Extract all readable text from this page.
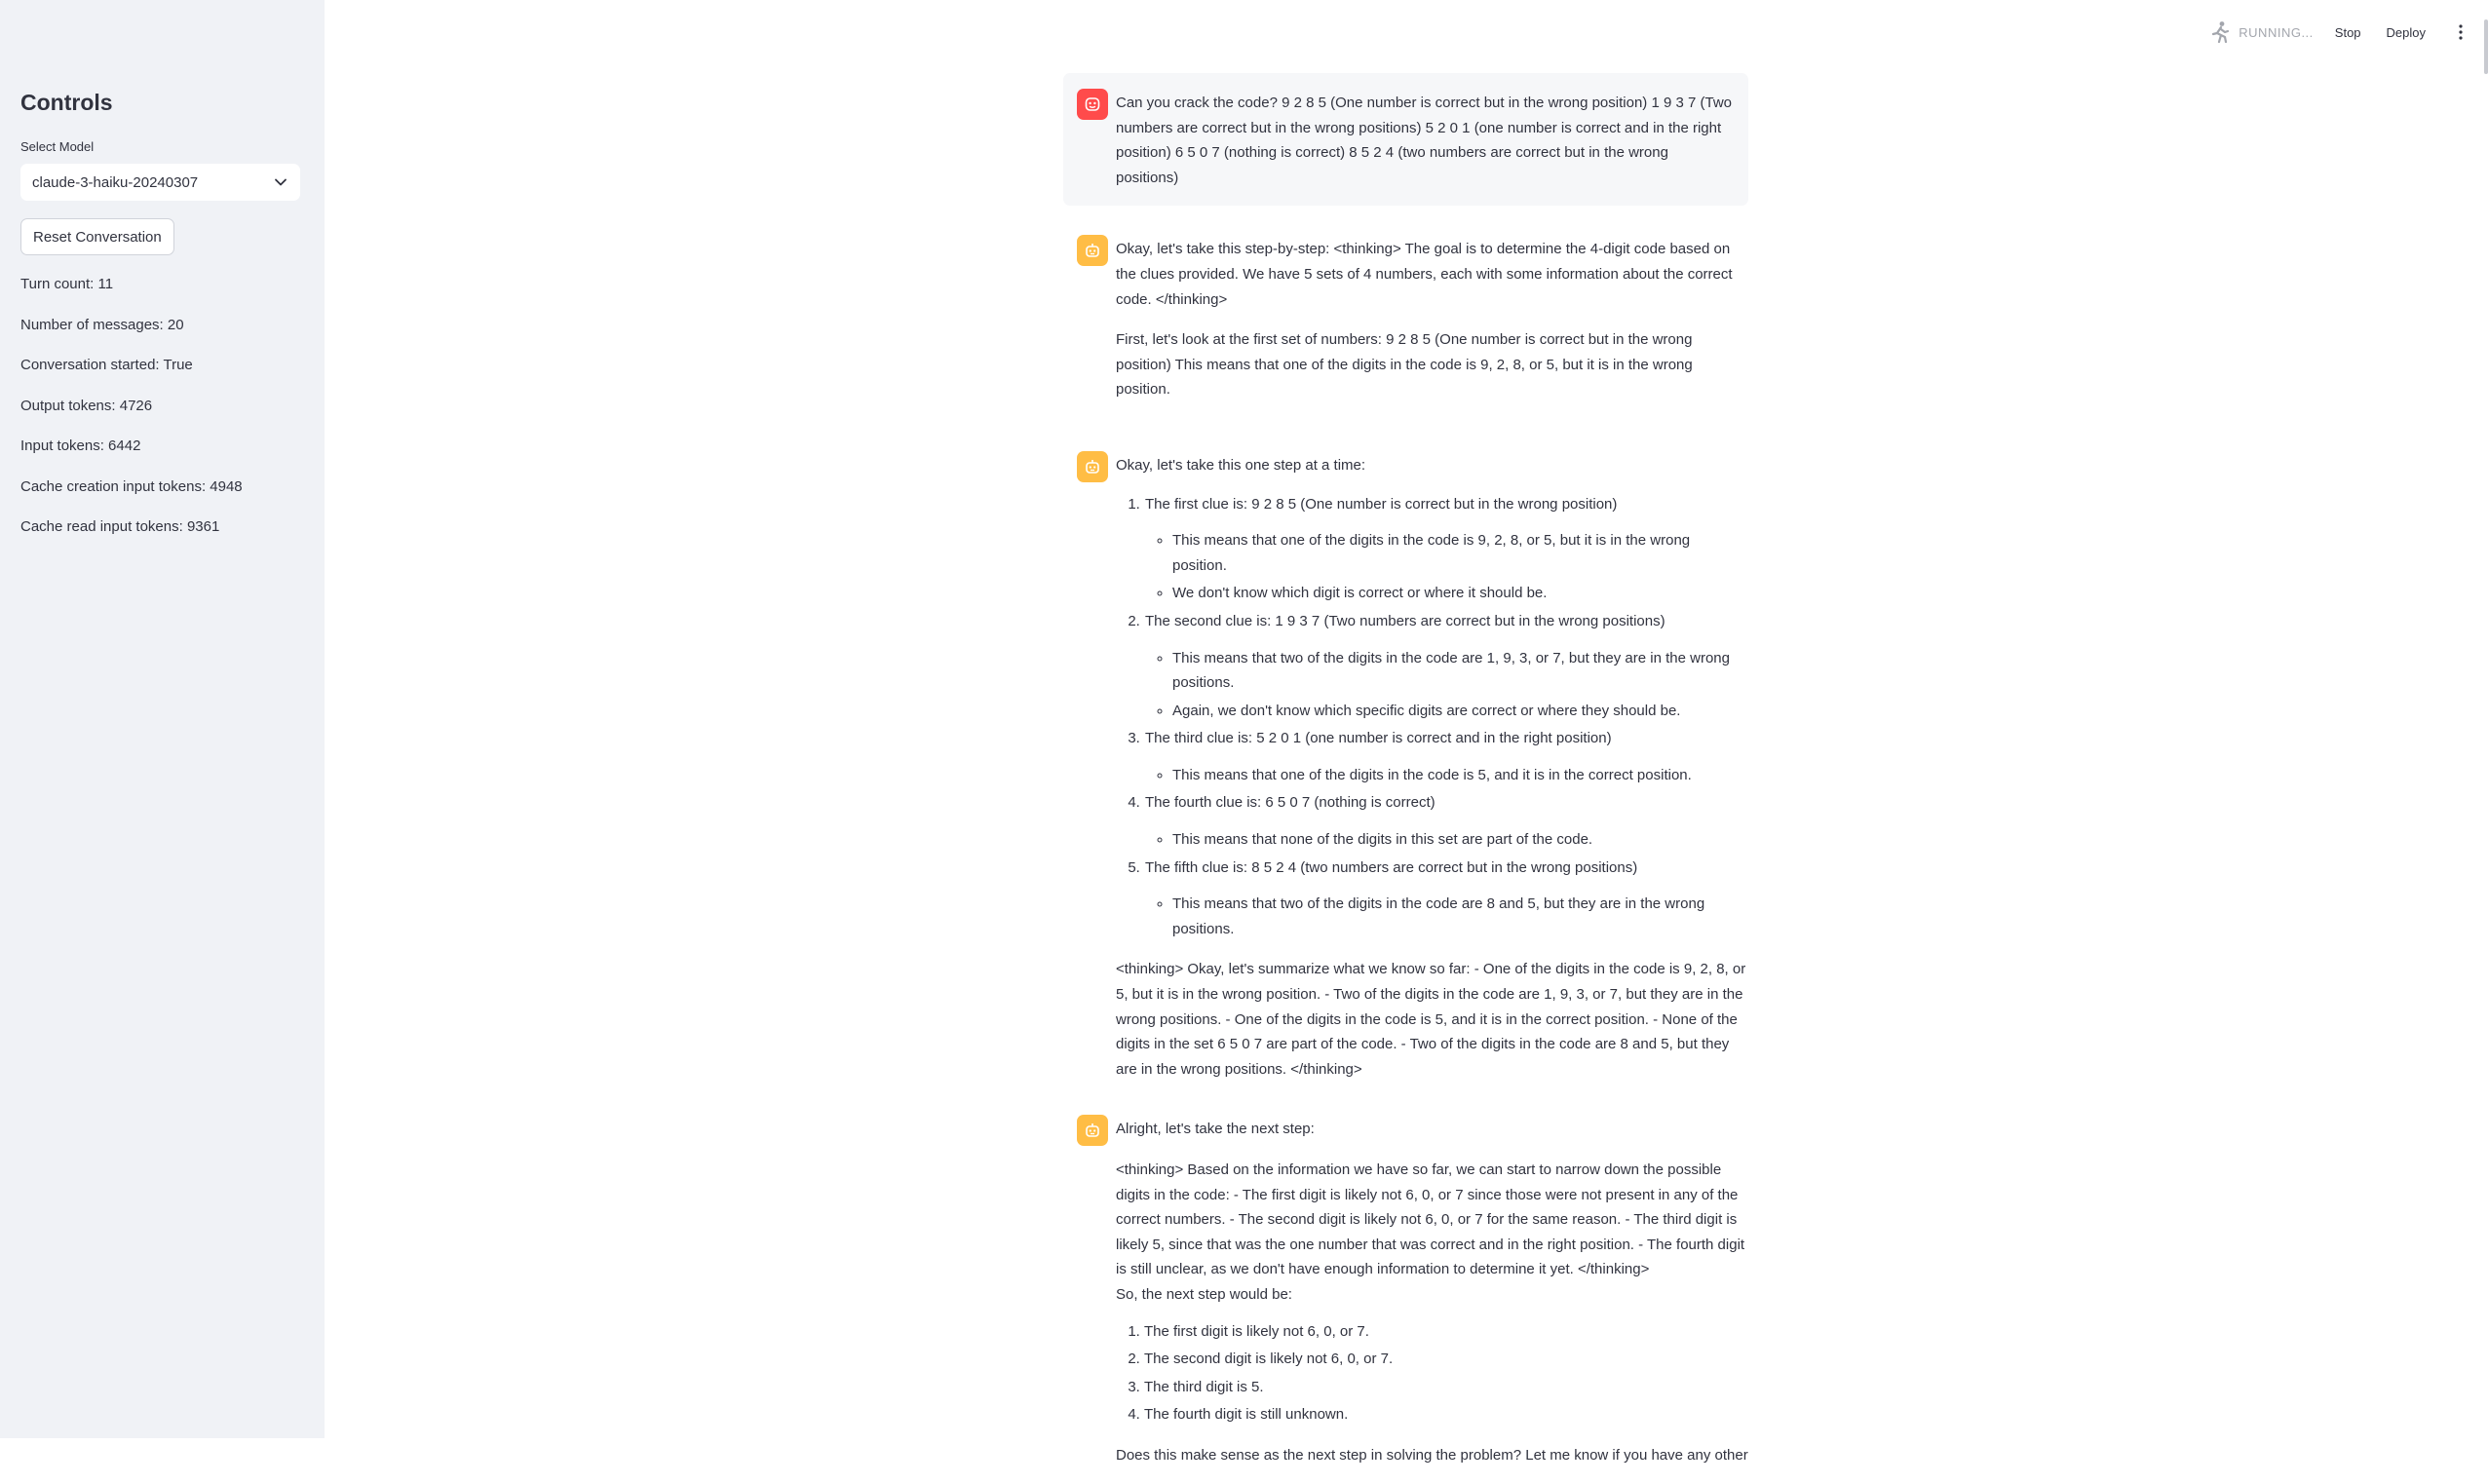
Controls
Select Model
claude-3-haiku-20240307
Reset Conversation
Turn count: 11
Number of messages: 20
Conversation started: True
Output tokens: 4726
Input tokens: 6442
Cache creation input tokens: 4948
Cache read input tokens: 9361
RUNNING... Stop Deploy

Can you crack the code? 9 2 8 5 (One number is correct but in the wrong position) 1 9 3 7 (Two numbers are correct but in the wrong positions) 5 2 0 1 (one number is correct and in the right position) 6 5 0 7 (nothing is correct) 8 5 2 4 (two numbers are correct but in the wrong positions)

Okay, let's take this step-by-step: <thinking> The goal is to determine the 4-digit code based on the clues provided. We have 5 sets of 4 numbers, each with some information about the correct code. </thinking>

First, let's look at the first set of numbers: 9 2 8 5 (One number is correct but in the wrong position) This means that one of the digits in the code is 9, 2, 8, or 5, but it is in the wrong position.

Okay, let's take this one step at a time:

1. The first clue is: 9 2 8 5 (One number is correct but in the wrong position)
◦ This means that one of the digits in the code is 9, 2, 8, or 5, but it is in the wrong position.
◦ We don't know which digit is correct or where it should be.
2. The second clue is: 1 9 3 7 (Two numbers are correct but in the wrong positions)
◦ This means that two of the digits in the code are 1, 9, 3, or 7, but they are in the wrong positions.
◦ Again, we don't know which specific digits are correct or where they should be.
3. The third clue is: 5 2 0 1 (one number is correct and in the right position)
◦ This means that one of the digits in the code is 5, and it is in the correct position.
4. The fourth clue is: 6 5 0 7 (nothing is correct)
◦ This means that none of the digits in this set are part of the code.
5. The fifth clue is: 8 5 2 4 (two numbers are correct but in the wrong positions)
◦ This means that two of the digits in the code are 8 and 5, but they are in the wrong positions.

<thinking> Okay, let's summarize what we know so far: - One of the digits in the code is 9, 2, 8, or 5, but it is in the wrong position. - Two of the digits in the code are 1, 9, 3, or 7, but they are in the wrong positions. - One of the digits in the code is 5, and it is in the correct position. - None of the digits in the set 6 5 0 7 are part of the code. - Two of the digits in the code are 8 and 5, but they are in the wrong positions. </thinking>

Alright, let's take the next step:

<thinking> Based on the information we have so far, we can start to narrow down the possible digits in the code: - The first digit is likely not 6, 0, or 7 since those were not present in any of the correct numbers. - The second digit is likely not 6, 0, or 7 for the same reason. - The third digit is likely 5, since that was the one number that was correct and in the right position. - The fourth digit is still unclear, as we don't have enough information to determine it yet. </thinking>

So, the next step would be:

1. The first digit is likely not 6, 0, or 7.
2. The second digit is likely not 6, 0, or 7.
3. The third digit is 5.
4. The fourth digit is still unknown.

Does this make sense as the next step in solving the problem? Let me know if you have any other
